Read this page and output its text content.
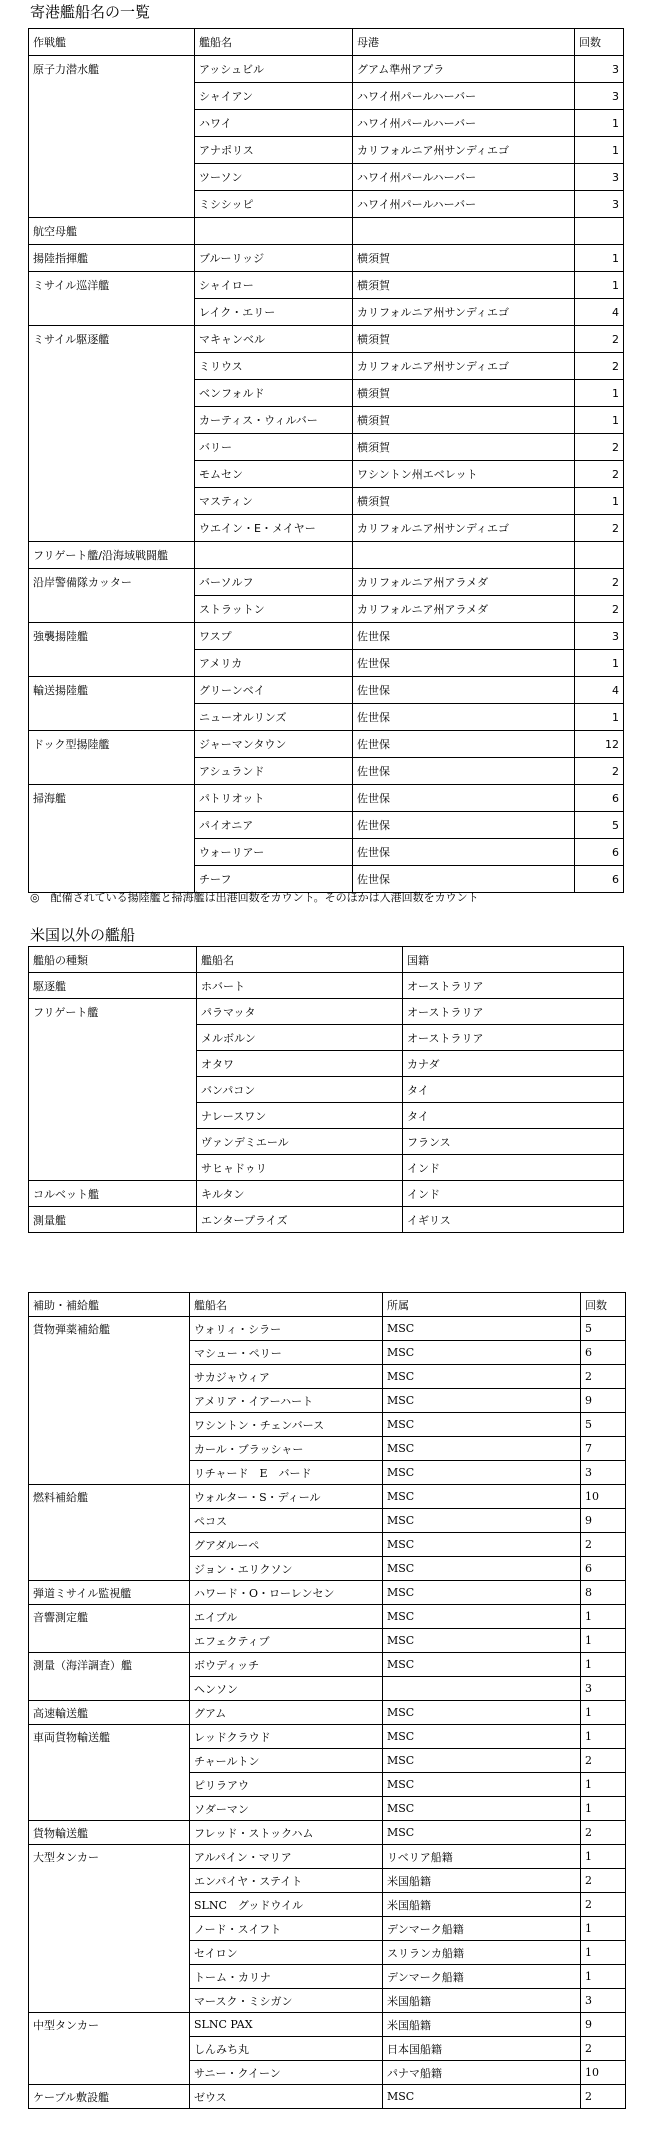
寄港艦船名の一覧
作戦艦	艦船名	母港	回数
原子力潜水艦	アッシュビル	グアム準州アプラ	3
	シャイアン	ハワイ州パールハーバー	3
	ハワイ	ハワイ州パールハーバー	1
	アナポリス	カリフォルニア州サンディエゴ	1
	ツーソン	ハワイ州パールハーバー	3
	ミシシッピ	ハワイ州パールハーバー	3
航空母艦			
揚陸指揮艦	ブルーリッジ	横須賀	1
ミサイル巡洋艦	シャイロー	横須賀	1
	レイク・エリー	カリフォルニア州サンディエゴ	4
ミサイル駆逐艦	マキャンベル	横須賀	2
	ミリウス	カリフォルニア州サンディエゴ	2
	ベンフォルド	横須賀	1
	カーティス・ウィルバー	横須賀	1
	バリー	横須賀	2
	モムセン	ワシントン州エベレット	2
	マスティン	横須賀	1
	ウエイン・E・メイヤー	カリフォルニア州サンディエゴ	2
フリゲート艦/沿海域戦闘艦			
沿岸警備隊カッター	バーソルフ	カリフォルニア州アラメダ	2
	ストラットン	カリフォルニア州アラメダ	2
強襲揚陸艦	ワスプ	佐世保	3
	アメリカ	佐世保	1
輸送揚陸艦	グリーンベイ	佐世保	4
	ニューオルリンズ	佐世保	1
ドック型揚陸艦	ジャーマンタウン	佐世保	12
	アシュランド	佐世保	2
掃海艦	パトリオット	佐世保	6
	パイオニア	佐世保	5
	ウォーリアー	佐世保	6
	チーフ	佐世保	6
◎　配備されている揚陸艦と掃海艦は出港回数をカウント。そのほかは入港回数をカウント
米国以外の艦船
艦船の種類	艦船名	国籍
駆逐艦	ホバート	オーストラリア
フリゲート艦	パラマッタ	オーストラリア
	メルボルン	オーストラリア
	オタワ	カナダ
	バンパコン	タイ
	ナレースワン	タイ
	ヴァンデミエール	フランス
	サヒャドゥリ	インド
コルベット艦	キルタン	インド
測量艦	エンタープライズ	イギリス
補助・補給艦	艦船名	所属	回数
貨物弾薬補給艦	ウォリィ・シラー	MSC	5
	マシュー・ペリー	MSC	6
	サカジャウィア	MSC	2
	アメリア・イアーハート	MSC	9
	ワシントン・チェンバース	MSC	5
	カール・ブラッシャー	MSC	7
	リチャード　E　バード	MSC	3
燃料補給艦	ウォルター・S・ディール	MSC	10
	ペコス	MSC	9
	グアダルーペ	MSC	2
	ジョン・エリクソン	MSC	6
弾道ミサイル監視艦	ハワード・O・ローレンセン	MSC	8
音響測定艦	エイブル	MSC	1
	エフェクティブ	MSC	1
測量（海洋調査）艦	ボウディッチ	MSC	1
	ヘンソン		3
高速輸送艦	グアム	MSC	1
車両貨物輸送艦	レッドクラウド	MSC	1
	チャールトン	MSC	2
	ピリラアウ	MSC	1
	ソダーマン	MSC	1
貨物輸送艦	フレッド・ストックハム	MSC	2
大型タンカー	アルパイン・マリア	リベリア船籍	1
	エンパイヤ・ステイト	米国船籍	2
	SLNC　グッドウイル	米国船籍	2
	ノード・スイフト	デンマーク船籍	1
	セイロン	スリランカ船籍	1
	トーム・カリナ	デンマーク船籍	1
	マースク・ミシガン	米国船籍	3
中型タンカー	SLNC PAX	米国船籍	9
	しんみち丸	日本国船籍	2
	サニー・クイーン	パナマ船籍	10
ケーブル敷設艦	ゼウス	MSC	2
